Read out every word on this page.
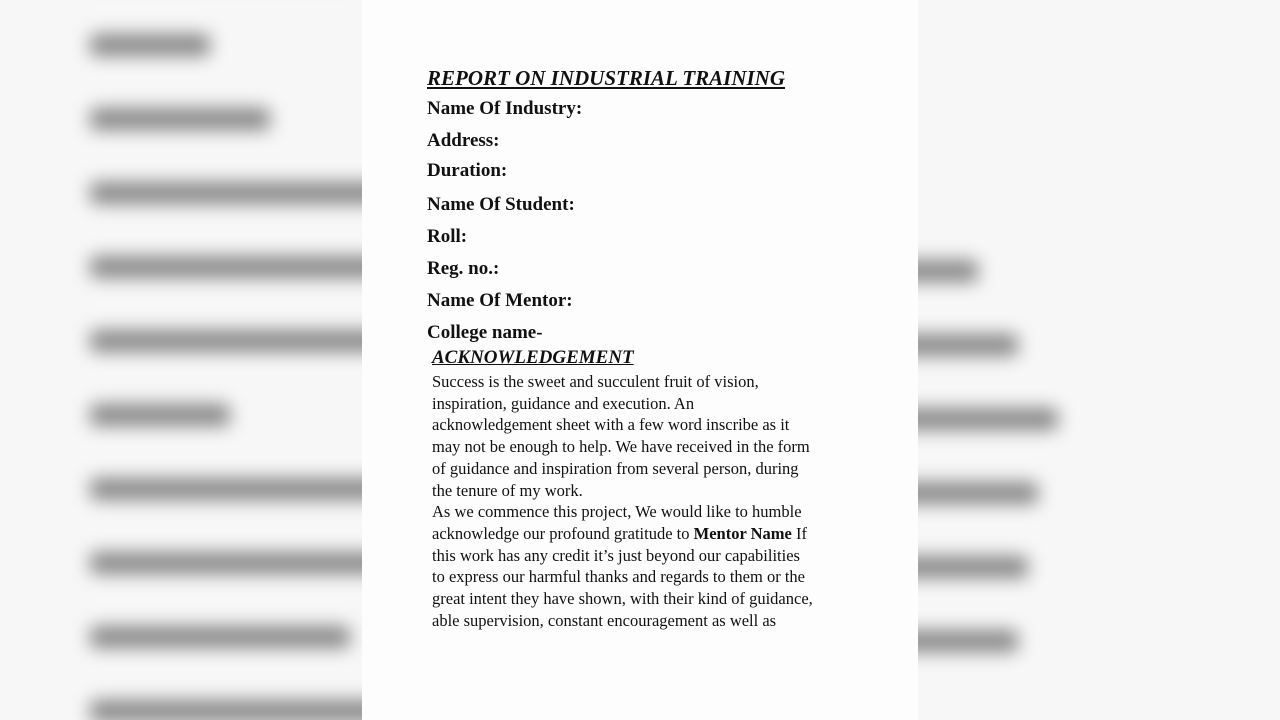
REPORT ON INDUSTRIAL TRAINING

Name Of Industry:

Address:

Duration:

Name Of Student:

Roll:

Reg. no.:

Name Of Mentor:

College name-

ACKNOWLEDGEMENT

Success is the sweet and succulent fruit of vision,
inspiration, guidance and execution. An
acknowledgement sheet with a few word inscribe as it
may not be enough to help. We have received in the form
of guidance and inspiration from several person, during
the tenure of my work.
As we commence this project, We would like to humble
acknowledge our profound gratitude to Mentor Name If
this work has any credit it’s just beyond our capabilities
to express our harmful thanks and regards to them or the
great intent they have shown, with their kind of guidance,
able supervision, constant encouragement as well as
